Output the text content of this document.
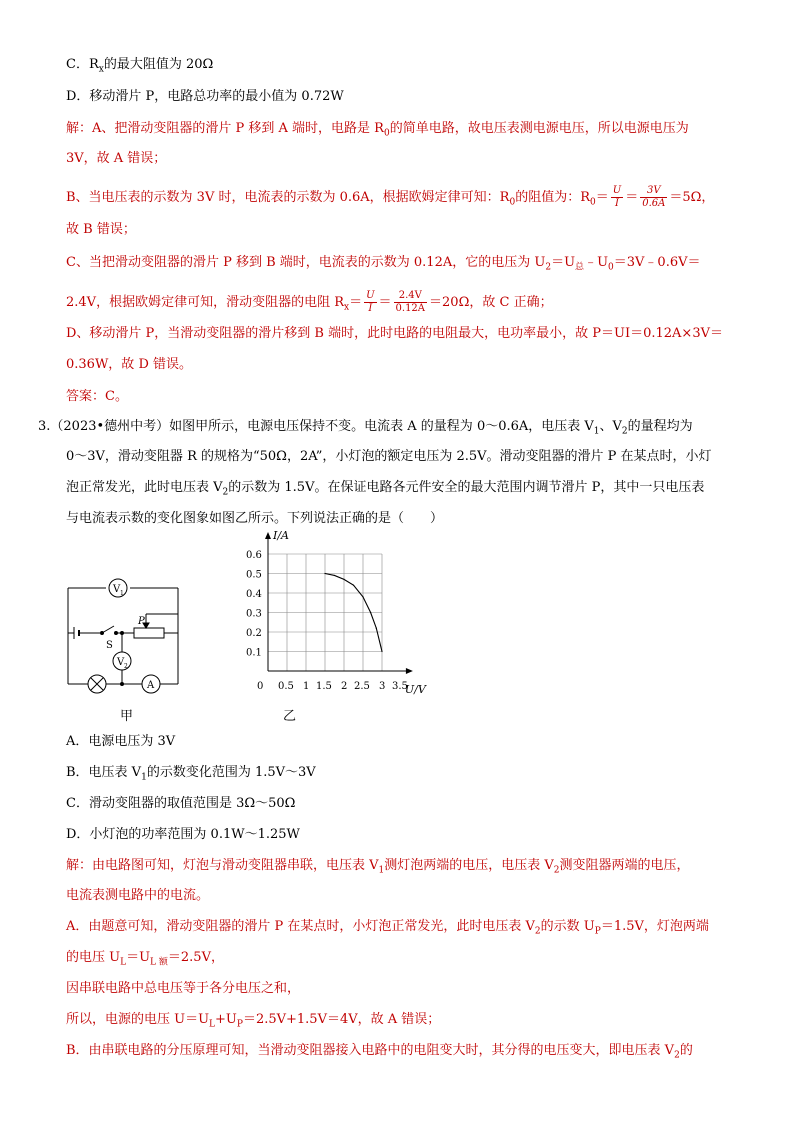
C．$R_x$的最大阻值为 20Ω
D．移动滑片 P，电路总功率的最小值为 0.72W
解：A、把滑动变阻器的滑片 P 移到 A 端时，电路是 $R_0$的简单电路，故电压表测电源电压，所以电源电压为
3V，故 A 错误；
B、当电压表的示数为 3V 时，电流表的示数为 0.6A，根据欧姆定律可知：$R_0$的阻值为：$R_0= \frac{U}{I} = \frac{3V}{0.6A} =5\Omega$，
故 B 错误；
C、当把滑动变阻器的滑片 P 移到 B 端时，电流表的示数为 0.12A，它的电压为 $U_2=U_总﹣U_0=3V﹣0.6V=$
2.4V，根据欧姆定律可知，滑动变阻器的电阻 $R_x= \frac{U}{I} = \frac{2.4V}{0.12A} =20\Omega$，故 C 正确；
D、移动滑片 P，当滑动变阻器的滑片移到 B 端时，此时电路的电阻最大，电功率最小，故 P＝UI＝0.12A×3V＝
0.36W，故 D 错误。
答案：C。
3.（2023•德州中考）如图甲所示，电源电压保持不变。电流表 A 的量程为 0～0.6A，电压表 $V_1$、$V_2$的量程均为
0～3V，滑动变阻器 R 的规格为“50Ω，2A”，小灯泡的额定电压为 2.5V。滑动变阻器的滑片 P 在某点时，小灯
泡正常发光，此时电压表 $V_2$的示数为 1.5V。在保证电路各元件安全的最大范围内调节滑片 P，其中一只电压表
与电流表示数的变化图象如图乙所示。下列说法正确的是（　　）
V 1
V 2
A
P
S
甲
0 0.5 1 1.5 2 2.5 3 3.5
0.1
0.2
0.3
0.4
0.5
0.6
I/A
U/V
乙
A．电源电压为 3V
B．电压表 $V_1$的示数变化范围为 1.5V～3V
C．滑动变阻器的取值范围是 3Ω～50Ω
D．小灯泡的功率范围为 0.1W～1.25W
解：由电路图可知，灯泡与滑动变阻器串联，电压表 $V_1$测灯泡两端的电压，电压表 $V_2$测变阻器两端的电压，
电流表测电路中的电流。
A．由题意可知，滑动变阻器的滑片 P 在某点时，小灯泡正常发光，此时电压表 $V_2$的示数 $U_P=1.5V$，灯泡两端
的电压 $U_L=U_{L 额}=2.5V$，
因串联电路中总电压等于各分电压之和，
所以，电源的电压 $U=U_L+U_P=2.5V+1.5V=4V$，故 A 错误；
B．由串联电路的分压原理可知，当滑动变阻器接入电路中的电阻变大时，其分得的电压变大，即电压表 $V_2$的
